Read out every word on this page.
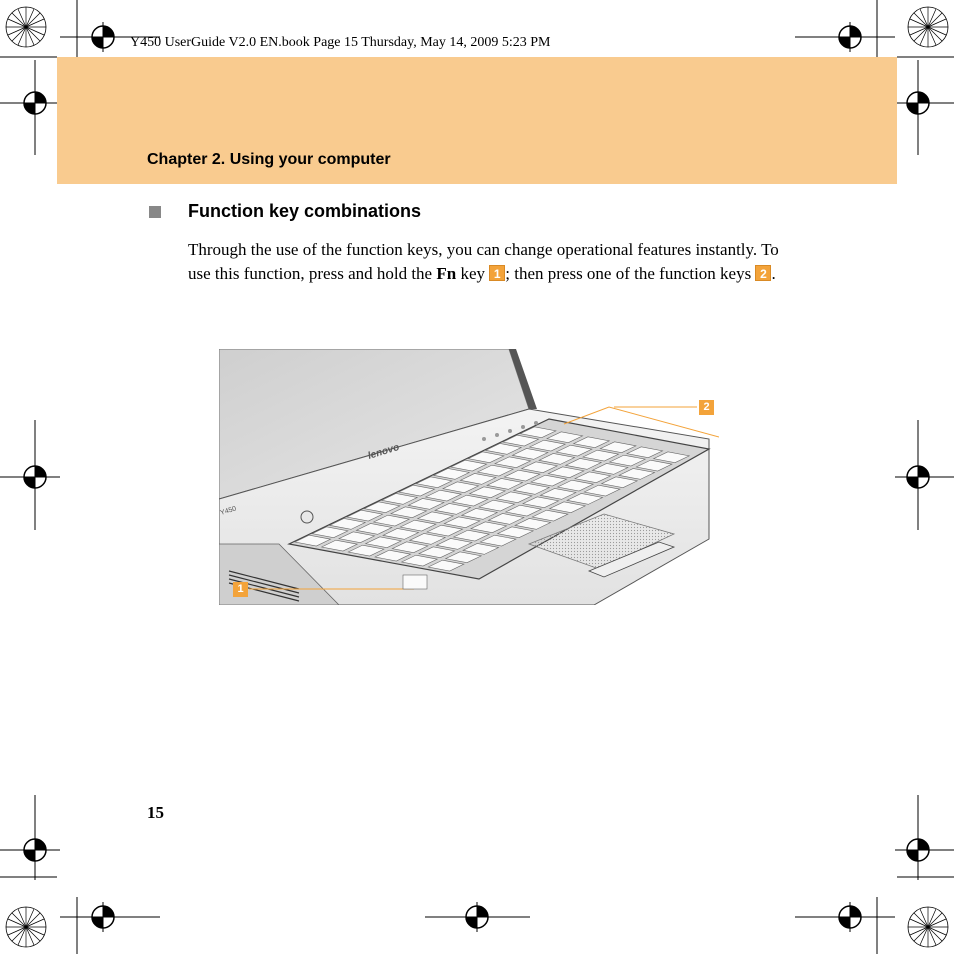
Y450 UserGuide V2.0 EN.book Page 15 Thursday, May 14, 2009 5:23 PM
Chapter 2. Using your computer
Function key combinations
Through the use of the function keys, you can change operational features instantly. To use this function, press and hold the Fn key 1 ; then press one of the function keys 2 .
lenovo
Y450
2
1
15
